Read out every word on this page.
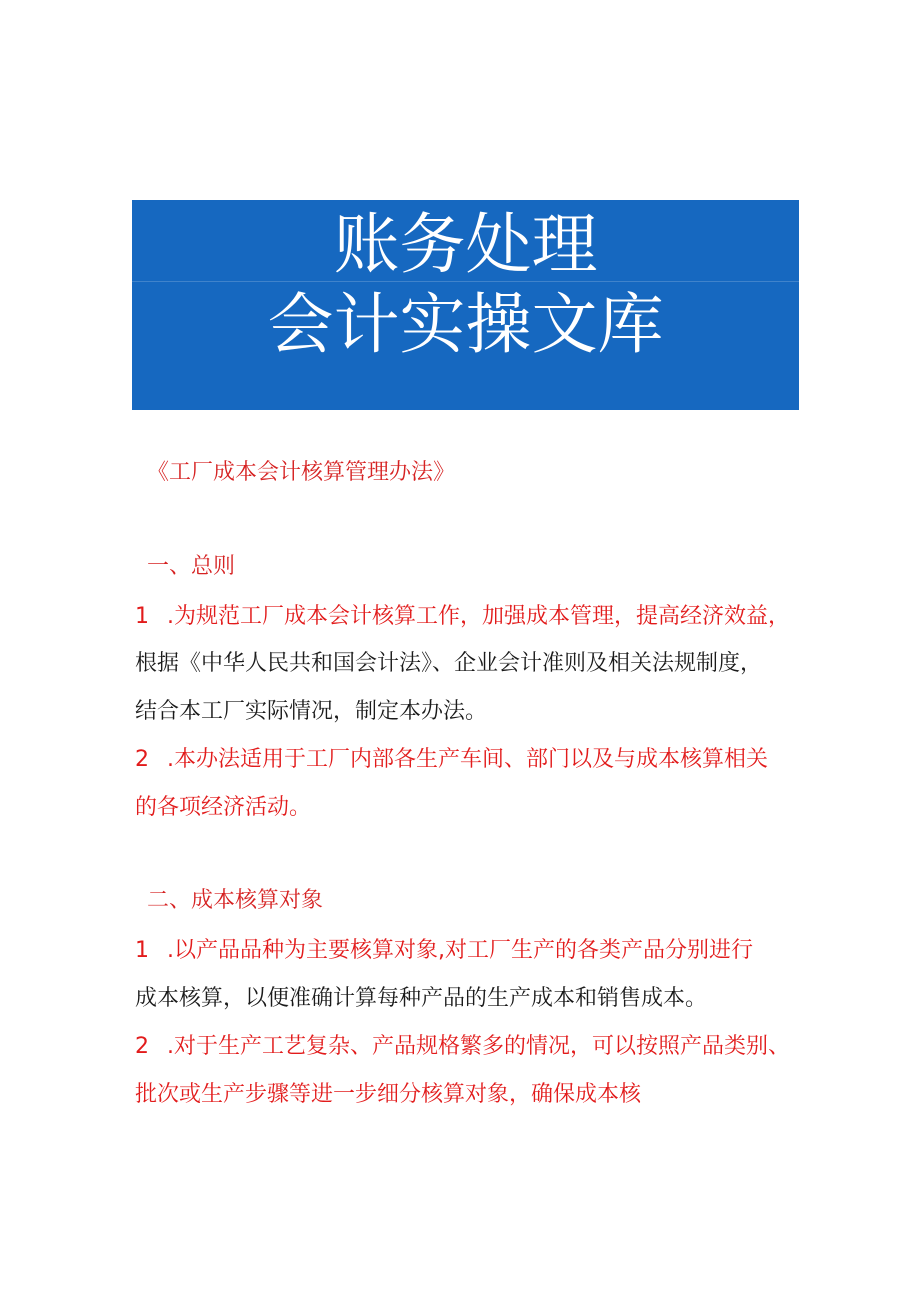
账务处理
会计实操文库
《工厂成本会计核算管理办法》
一、总则
1 .为规范工厂成本会计核算工作，加强成本管理，提高经济效益，
根据《中华人民共和国会计法》、企业会计准则及相关法规制度，
结合本工厂实际情况，制定本办法。
2 .本办法适用于工厂内部各生产车间、部门以及与成本核算相关
的各项经济活动。
二、成本核算对象
1 .以产品品种为主要核算对象,对工厂生产的各类产品分别进行
成本核算，以便准确计算每种产品的生产成本和销售成本。
2 .对于生产工艺复杂、产品规格繁多的情况，可以按照产品类别、
批次或生产步骤等进一步细分核算对象，确保成本核
